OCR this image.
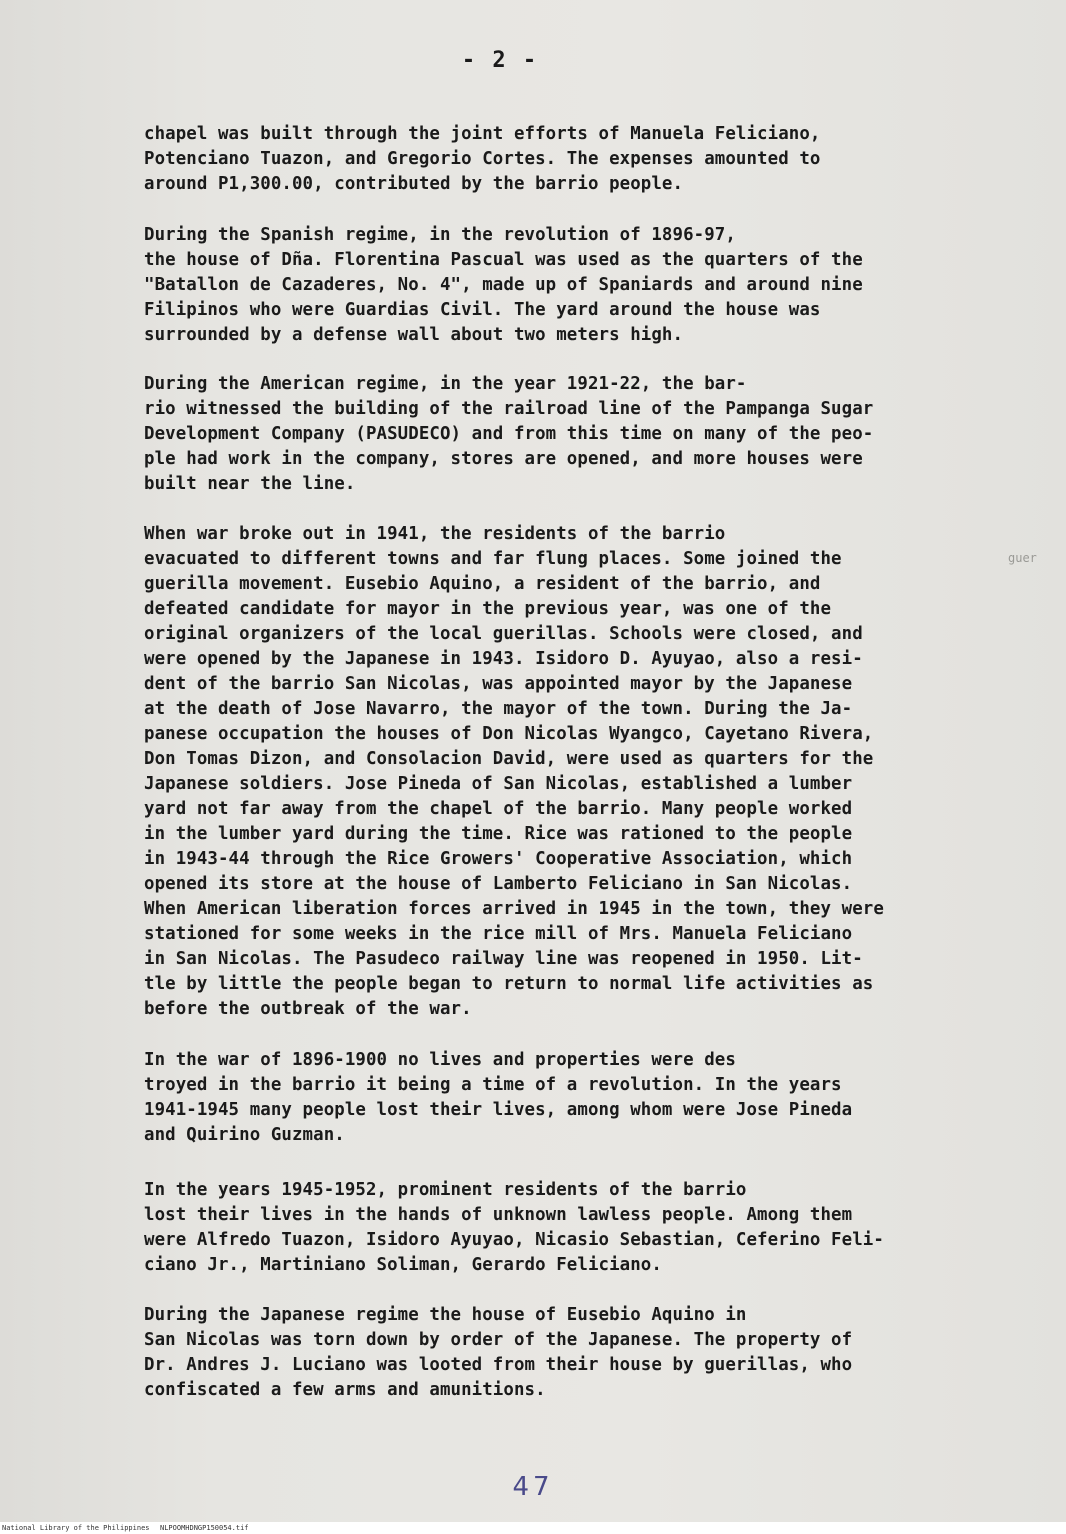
- 2 -

chapel was built through the joint efforts of Manuela Feliciano,
Potenciano Tuazon, and Gregorio Cortes. The expenses amounted to
around P1,300.00, contributed by the barrio people.

During the Spanish regime, in the revolution of 1896-97,
the house of Dña. Florentina Pascual was used as the quarters of the
"Batallon de Cazaderes, No. 4", made up of Spaniards and around nine
Filipinos who were Guardias Civil. The yard around the house was
surrounded by a defense wall about two meters high.

During the American regime, in the year 1921-22, the bar-
rio witnessed the building of the railroad line of the Pampanga Sugar
Development Company (PASUDECO) and from this time on many of the peo-
ple had work in the company, stores are opened, and more houses were
built near the line.

When war broke out in 1941, the residents of the barrio
evacuated to different towns and far flung places. Some joined the
guerilla movement. Eusebio Aquino, a resident of the barrio, and
defeated candidate for mayor in the previous year, was one of the
original organizers of the local guerillas. Schools were closed, and
were opened by the Japanese in 1943. Isidoro D. Ayuyao, also a resi-
dent of the barrio San Nicolas, was appointed mayor by the Japanese
at the death of Jose Navarro, the mayor of the town. During the Ja-
panese occupation the houses of Don Nicolas Wyangco, Cayetano Rivera,
Don Tomas Dizon, and Consolacion David, were used as quarters for the
Japanese soldiers. Jose Pineda of San Nicolas, established a lumber
yard not far away from the chapel of the barrio. Many people worked
in the lumber yard during the time. Rice was rationed to the people
in 1943-44 through the Rice Growers' Cooperative Association, which
opened its store at the house of Lamberto Feliciano in San Nicolas.
When American liberation forces arrived in 1945 in the town, they were
stationed for some weeks in the rice mill of Mrs. Manuela Feliciano
in San Nicolas. The Pasudeco railway line was reopened in 1950. Lit-
tle by little the people began to return to normal life activities as
before the outbreak of the war.

In the war of 1896-1900 no lives and properties were des
troyed in the barrio it being a time of a revolution. In the years
1941-1945 many people lost their lives, among whom were Jose Pineda
and Quirino Guzman.

In the years 1945-1952, prominent residents of the barrio
lost their lives in the hands of unknown lawless people. Among them
were Alfredo Tuazon, Isidoro Ayuyao, Nicasio Sebastian, Ceferino Feli-
ciano Jr., Martiniano Soliman, Gerardo Feliciano.

During the Japanese regime the house of Eusebio Aquino in
San Nicolas was torn down by order of the Japanese. The property of
Dr. Andres J. Luciano was looted from their house by guerillas, who
confiscated a few arms and amunitions.

guer
47
National Library of the Philippines NLPOOMHDNGP150054.tif
